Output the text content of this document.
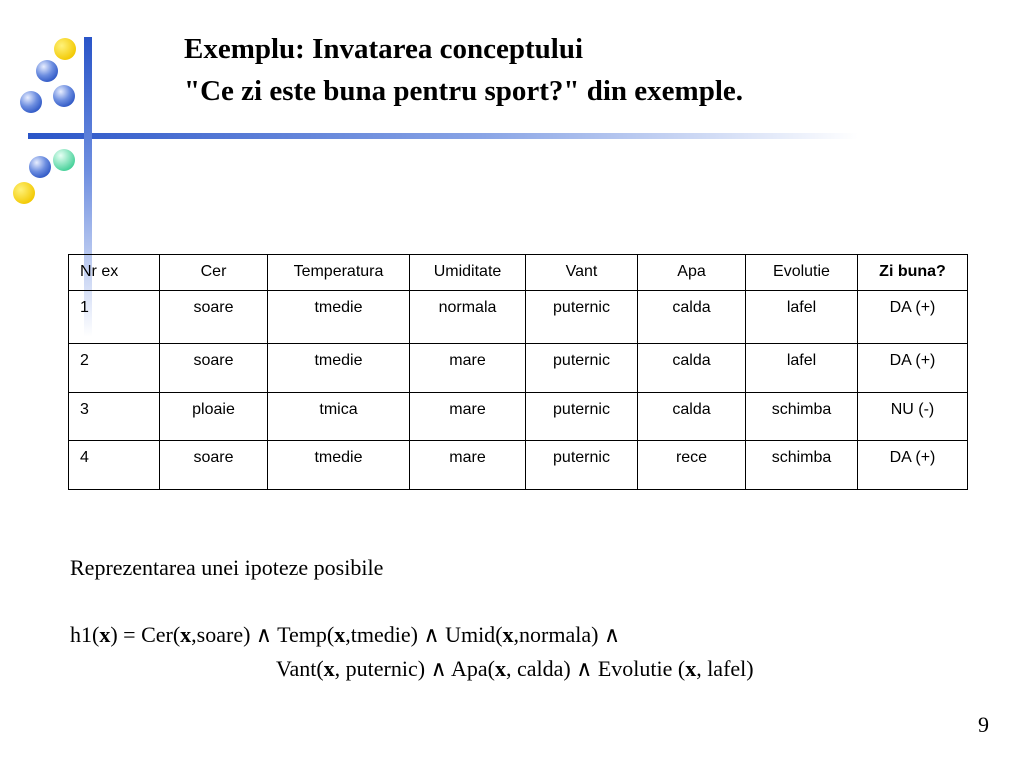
Exemplu: Invatarea conceptului
"Ce zi este buna pentru sport?" din exemple.
Nr ex	Cer	Temperatura	Umiditate	Vant	Apa	Evolutie	Zi buna?
1	soare	tmedie	normala	puternic	calda	lafel	DA (+)
2	soare	tmedie	mare	puternic	calda	lafel	DA (+)
3	ploaie	tmica	mare	puternic	calda	schimba	NU (-)
4	soare	tmedie	mare	puternic	rece	schimba	DA (+)
Reprezentarea unei ipoteze posibile
h1(x) = Cer(x,soare) ∧ Temp(x,tmedie) ∧ Umid(x,normala) ∧
Vant(x, puternic) ∧ Apa(x, calda) ∧ Evolutie (x, lafel)
9
